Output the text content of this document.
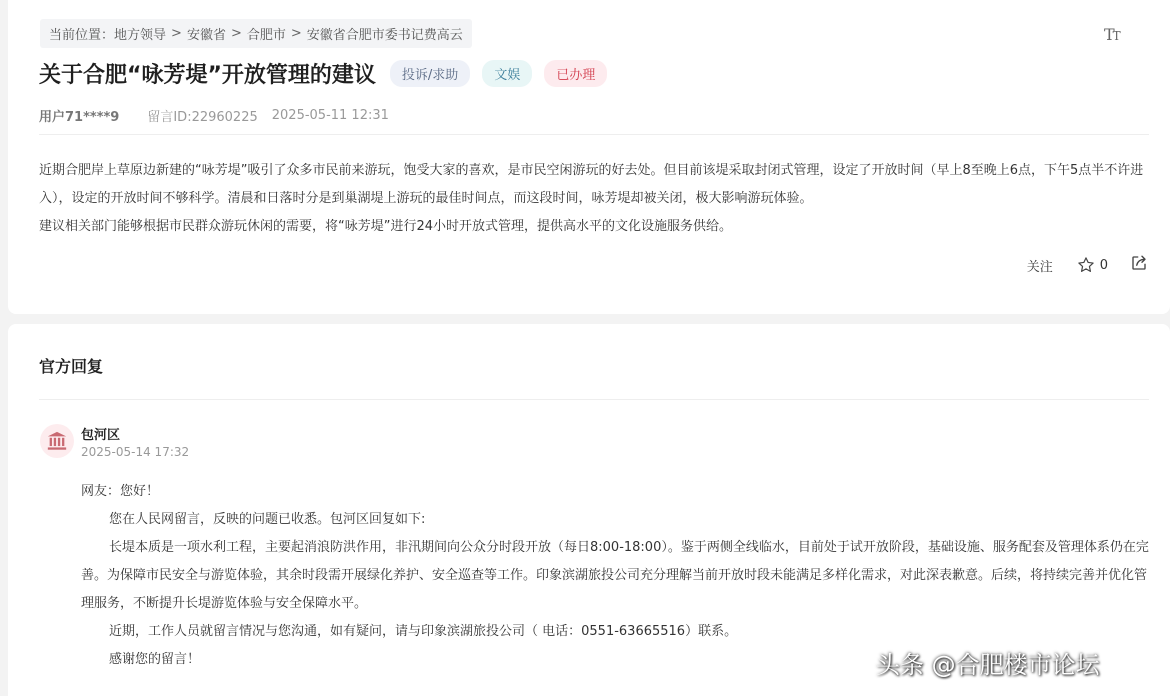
当前位置： 地方领导 > 安徽省 > 合肥市 > 安徽省合肥市委书记费高云	TT
关于合肥“咏芳堤”开放管理的建议	投诉/求助	文娱	已办理
用户71****9 留言ID:22960225 2025-05-11 12:31

近期合肥岸上草原边新建的“咏芳堤”吸引了众多市民前来游玩，饱受大家的喜欢，是市民空闲游玩的好去处。但目前该堤采取封闭式管理，设定了开放时间（早上8至晚上6点，下午5点半不许进入），设定的开放时间不够科学。清晨和日落时分是到巢湖堤上游玩的最佳时间点，而这段时间，咏芳堤却被关闭，极大影响游玩体验。

建议相关部门能够根据市民群众游玩休闲的需要，将“咏芳堤”进行24小时开放式管理，提供高水平的文化设施服务供给。

关注	0
官方回复
包河区
2025-05-14 17:32

网友：您好！

您在人民网留言，反映的问题已收悉。包河区回复如下:

长堤本质是一项水利工程，主要起消浪防洪作用，非汛期间向公众分时段开放（每日8:00-18:00）。鉴于两侧全线临水，目前处于试开放阶段，基础设施、服务配套及管理体系仍在完善。为保障市民安全与游览体验，其余时段需开展绿化养护、安全巡查等工作。印象滨湖旅投公司充分理解当前开放时段未能满足多样化需求，对此深表歉意。后续，将持续完善并优化管理服务，不断提升长堤游览体验与安全保障水平。

近期，工作人员就留言情况与您沟通，如有疑问，请与印象滨湖旅投公司（ 电话：0551-63665516）联系。

感谢您的留言！	头条 @合肥楼市论坛
